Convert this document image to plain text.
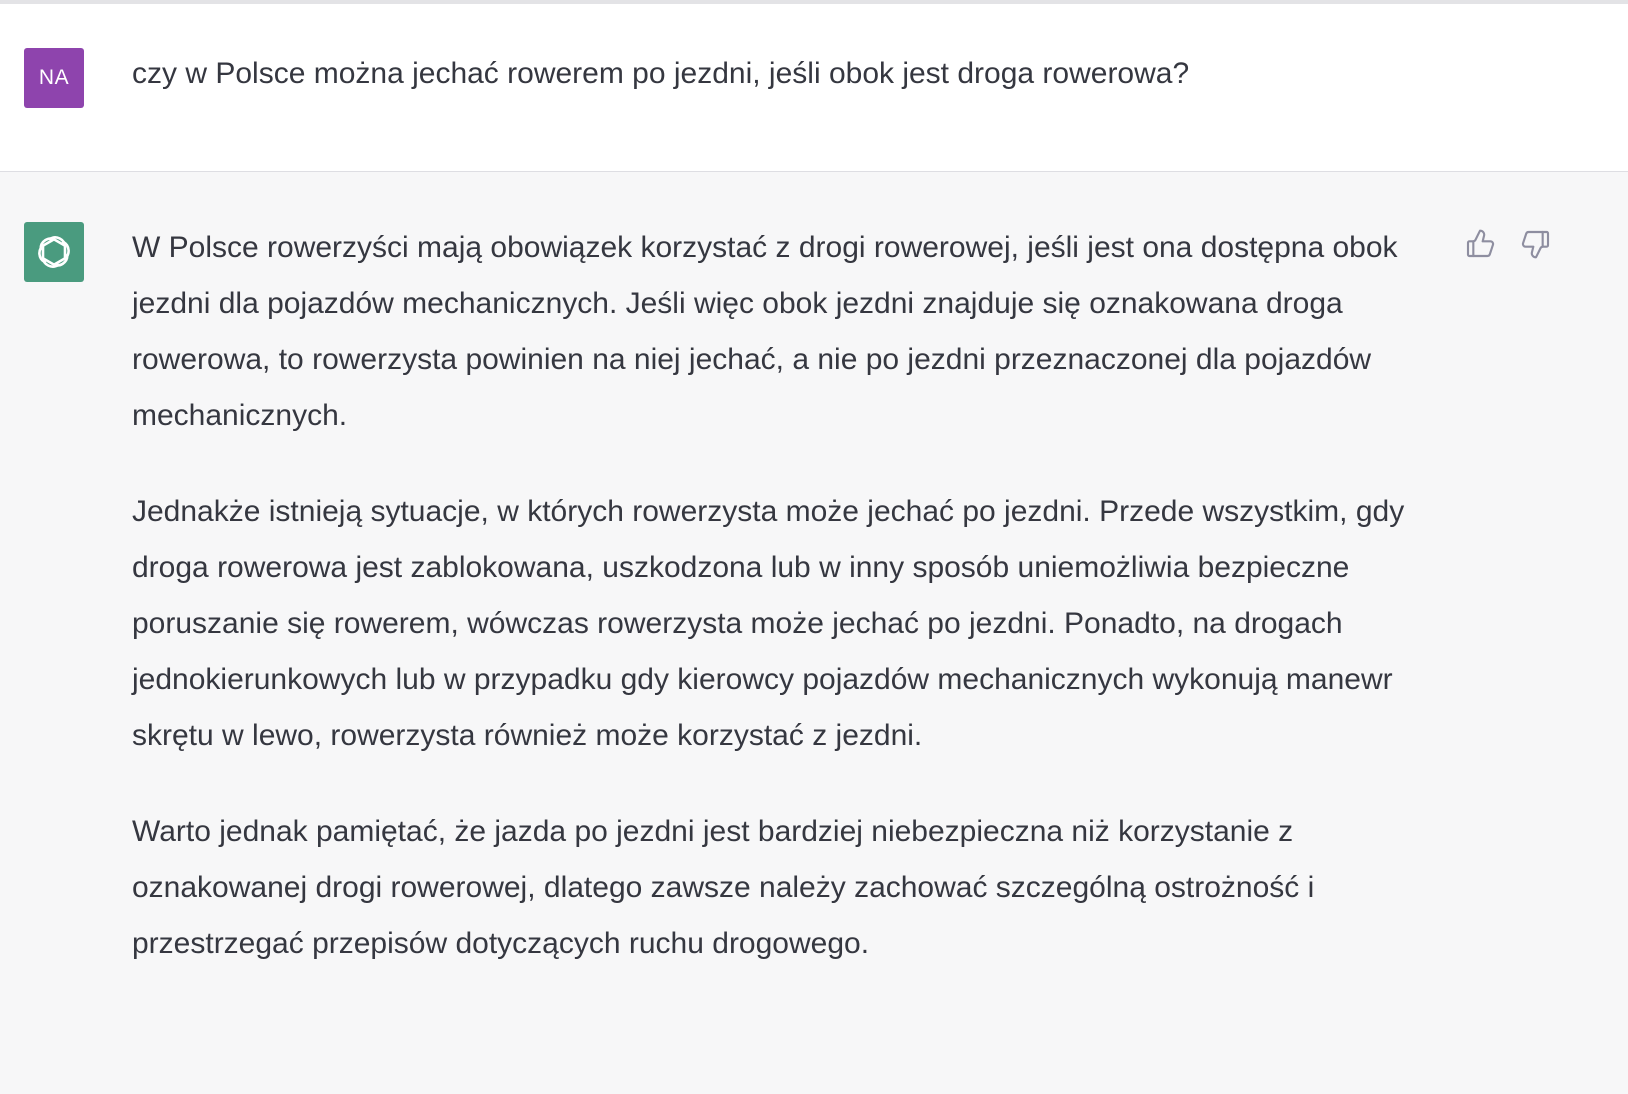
NA czy w Polsce można jechać rowerem po jezdni, jeśli obok jest droga rowerowa?

W Polsce rowerzyści mają obowiązek korzystać z drogi rowerowej, jeśli jest ona dostępna obok jezdni dla pojazdów mechanicznych. Jeśli więc obok jezdni znajduje się oznakowana droga rowerowa, to rowerzysta powinien na niej jechać, a nie po jezdni przeznaczonej dla pojazdów mechanicznych.

Jednakże istnieją sytuacje, w których rowerzysta może jechać po jezdni. Przede wszystkim, gdy droga rowerowa jest zablokowana, uszkodzona lub w inny sposób uniemożliwia bezpieczne poruszanie się rowerem, wówczas rowerzysta może jechać po jezdni. Ponadto, na drogach jednokierunkowych lub w przypadku gdy kierowcy pojazdów mechanicznych wykonują manewr skrętu w lewo, rowerzysta również może korzystać z jezdni.

Warto jednak pamiętać, że jazda po jezdni jest bardziej niebezpieczna niż korzystanie z oznakowanej drogi rowerowej, dlatego zawsze należy zachować szczególną ostrożność i przestrzegać przepisów dotyczących ruchu drogowego.
